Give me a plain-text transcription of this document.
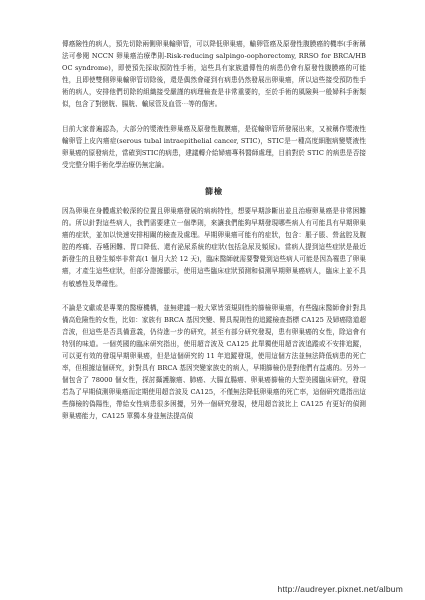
傳癌險性的病人，預先切除兩側卵巢輸卵管，可以降低卵巢癌，輸卵管癌及原發性腹膜癌的機率(手術稱法可參閱 NCCN 卵巢癌治療準則-Risk-reducing salpingo-oophorectomy, RRSO for BRCA/HBOC syndrome)，即使預先採取預防性手術，這些具有家族遺傳性的病患仍會有原發性腹膜癌的可能性，且即使雙側卵巢輸卵管切除後，還是偶然會碰到有病患仍然發展出卵巢癌，所以這些接受預防性手術的病人，安排他們切除的組織接受嚴謹的病理檢查是非常重要的，至於手術的風險與一般婦科手術類似，包含了對膀胱、腸胱、輸尿管及血管⋯等的傷害。

目前大家普遍認為，大部分的漿液性卵巢癌及原發性腹膜癌，是從輸卵管所發展出來，又被稱作漿液性輸卵管上皮內癌症(serous tubal intraepithelial cancer, STIC)，STIC是一種高度細胞病變漿液性卵巢癌的原發病灶，當確到STIC的病患，建議轉介給婦癌專科醫師處理，目前對於 STIC 的病患是否接受完整分期手術化學治療仍無定論。

篩檢

因為卵巢在身體處於較深的位置且卵巢癌發展的病病特性，想要早期診斷出並且治療卵巢癌是非常困難的。所以針對這些病人，我們需要建立一個準則，來讓我們能夠早期發現哪些病人有可能具有早期卵巢癌的症狀，並加以快速安排相關的檢查及處理。早期卵巢癌可能有的症狀，包含：脹子脹、營盆腔及腹腔的疼痛、吞嚥困難、胃口降低、還有泌尿系統的症狀(包括急尿及頻尿)。當病人提到這些症狀是最近新發生的且發生頻率非常高(1 個月大於 12 天)，臨床醫師就需要警覺到這些病人可能是因為罹患了卵巢癌，才產生這些症狀，但部分證據顯示，使用這些臨床症狀預測和偵測早期卵巢癌病人，臨床上並不具有敏感性及準確性。

不論是文獻或是專業的醫療機構，並無建議一般大眾皆須規則性的篩檢卵巢癌，有些臨床醫師會針對具備高危險性的女性，比如：家族有 BRCA 基因突變、腎具規則性的追蹤檢查指標 CA125 及婦癌陰道超音波，但這些是否具備意義，仍待進一步的研究，甚至有部分研究發現，患有卵巢癌的女性，除這會有特別的味道。一個英國的臨床研究指出，使用超音波及 CA125 此單獨使用超音波追蹤或不安排追蹤，可以更有效的發現早期卵巢癌，但是這個研究的 11 年追蹤發現，使用這個方法並無法降低病患的死亡率，但根據這個研究，針對具有 BRCA 基因突變家族史的病人，早期篩檢仍是對他們有益處的。另外一個包含了 78000 個女性，探討攝護腺癌、肺癌、大腸直腸癌、卵巢癌篩檢的大型美國臨床研究，發現若為了早期偵測卵巢癌而定期使用超音波及 CA125，不僅無法降低卵巢癌的死亡率，這個研究還指出這些篩檢的偽陽性，帶給女性病患很多困擾，另外一個研究發現，使用超音波比上 CA125 有更好的偵測卵巢癌能力，CA125 單獨本身並無法提高偵

http://audreyer.pixnet.net/album
